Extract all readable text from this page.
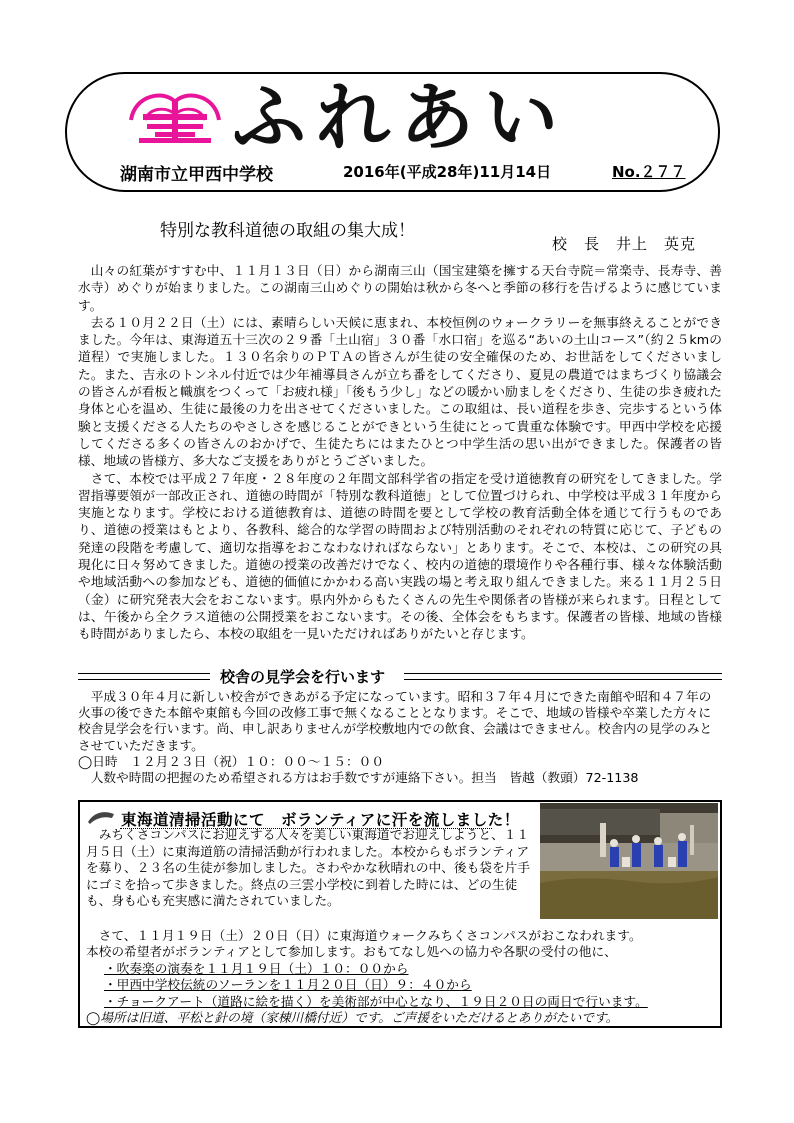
ふれあい
湖南市立甲西中学校	2016年(平成28年)11月14日	No.２７７
特別な教科道徳の取組の集大成！
校　長　井上　英克

山々の紅葉がすすむ中、１１月１３日（日）から湖南三山（国宝建築を擁する天台寺院＝常楽寺、長寿寺、善水寺）めぐりが始まりました。この湖南三山めぐりの開始は秋から冬へと季節の移行を告げるように感じています。

去る１０月２２日（土）には、素晴らしい天候に恵まれ、本校恒例のウォークラリーを無事終えることができました。今年は、東海道五十三次の２９番「土山宿」３０番「水口宿」を巡る“あいの土山コース”（約２５kmの道程）で実施しました。１３０名余りのＰＴＡの皆さんが生徒の安全確保のため、お世話をしてくださいました。また、吉永のトンネル付近では少年補導員さんが立ち番をしてくださり、夏見の農道ではまちづくり協議会の皆さんが看板と幟旗をつくって「お疲れ様」「後もう少し」などの暖かい励ましをくださり、生徒の歩き疲れた身体と心を温め、生徒に最後の力を出させてくださいました。この取組は、長い道程を歩き、完歩するという体験と支援くださる人たちのやさしさを感じることができという生徒にとって貴重な体験です。甲西中学校を応援してくださる多くの皆さんのおかげで、生徒たちにはまたひとつ中学生活の思い出ができました。保護者の皆様、地域の皆様方、多大なご支援をありがとうございました。

さて、本校では平成２７年度・２８年度の２年間文部科学省の指定を受け道徳教育の研究をしてきました。学習指導要領が一部改正され、道徳の時間が「特別な教科道徳」として位置づけられ、中学校は平成３１年度から実施となります。学校における道徳教育は、道徳の時間を要として学校の教育活動全体を通じて行うものであり、道徳の授業はもとより、各教科、総合的な学習の時間および特別活動のそれぞれの特質に応じて、子どもの発達の段階を考慮して、適切な指導をおこなわなければならない」とあります。そこで、本校は、この研究の具現化に日々努めてきました。道徳の授業の改善だけでなく、校内の道徳的環境作りや各種行事、様々な体験活動や地域活動への参加なども、道徳的価値にかかわる高い実践の場と考え取り組んできました。来る１１月２５日（金）に研究発表大会をおこないます。県内外からもたくさんの先生や関係者の皆様が来られます。日程としては、午後から全クラス道徳の公開授業をおこないます。その後、全体会をもちます。保護者の皆様、地域の皆様も時間がありましたら、本校の取組を一見いただければありがたいと存じます。

校舎の見学会を行います

平成３０年４月に新しい校舎ができあがる予定になっています。昭和３７年４月にできた南館や昭和４７年の火事の後できた本館や東館も今回の改修工事で無くなることとなります。そこで、地域の皆様や卒業した方々に校舎見学会を行います。尚、申し訳ありませんが学校敷地内での飲食、会議はできません。校舎内の見学のみとさせていただきます。

◯日時　１２月２３日（祝）１０：００～１５：００

人数や時間の把握のため希望される方はお手数ですが連絡下さい。担当　皆越（教頭）72-1138

東海道清掃活動にて　ボランティアに汗を流しました！

みちくさコンパスにお迎えする人々を美しい東海道でお迎えしようと、１１月５日（土）に東海道筋の清掃活動が行われました。本校からもボランティアを募り、２３名の生徒が参加しました。さわやかな秋晴れの中、後も袋を片手にゴミを拾って歩きました。終点の三雲小学校に到着した時には、どの生徒も、身も心も充実感に満たされていました。

さて、１１月１９日（土）２０日（日）に東海道ウォークみちくさコンパスがおこなわれます。

本校の希望者がボランティアとして参加します。おもてなし処への協力や各駅の受付の他に、

・吹奏楽の演奏を１１月１９日（土）１０：００から

・甲西中学校伝統のソーランを１１月２０日（日）９：４０から

・チョークアート（道路に絵を描く）を美術部が中心となり、１９日２０日の両日で行います。

◯場所は旧道、平松と針の境（家棟川橋付近）です。ご声援をいただけるとありがたいです。
